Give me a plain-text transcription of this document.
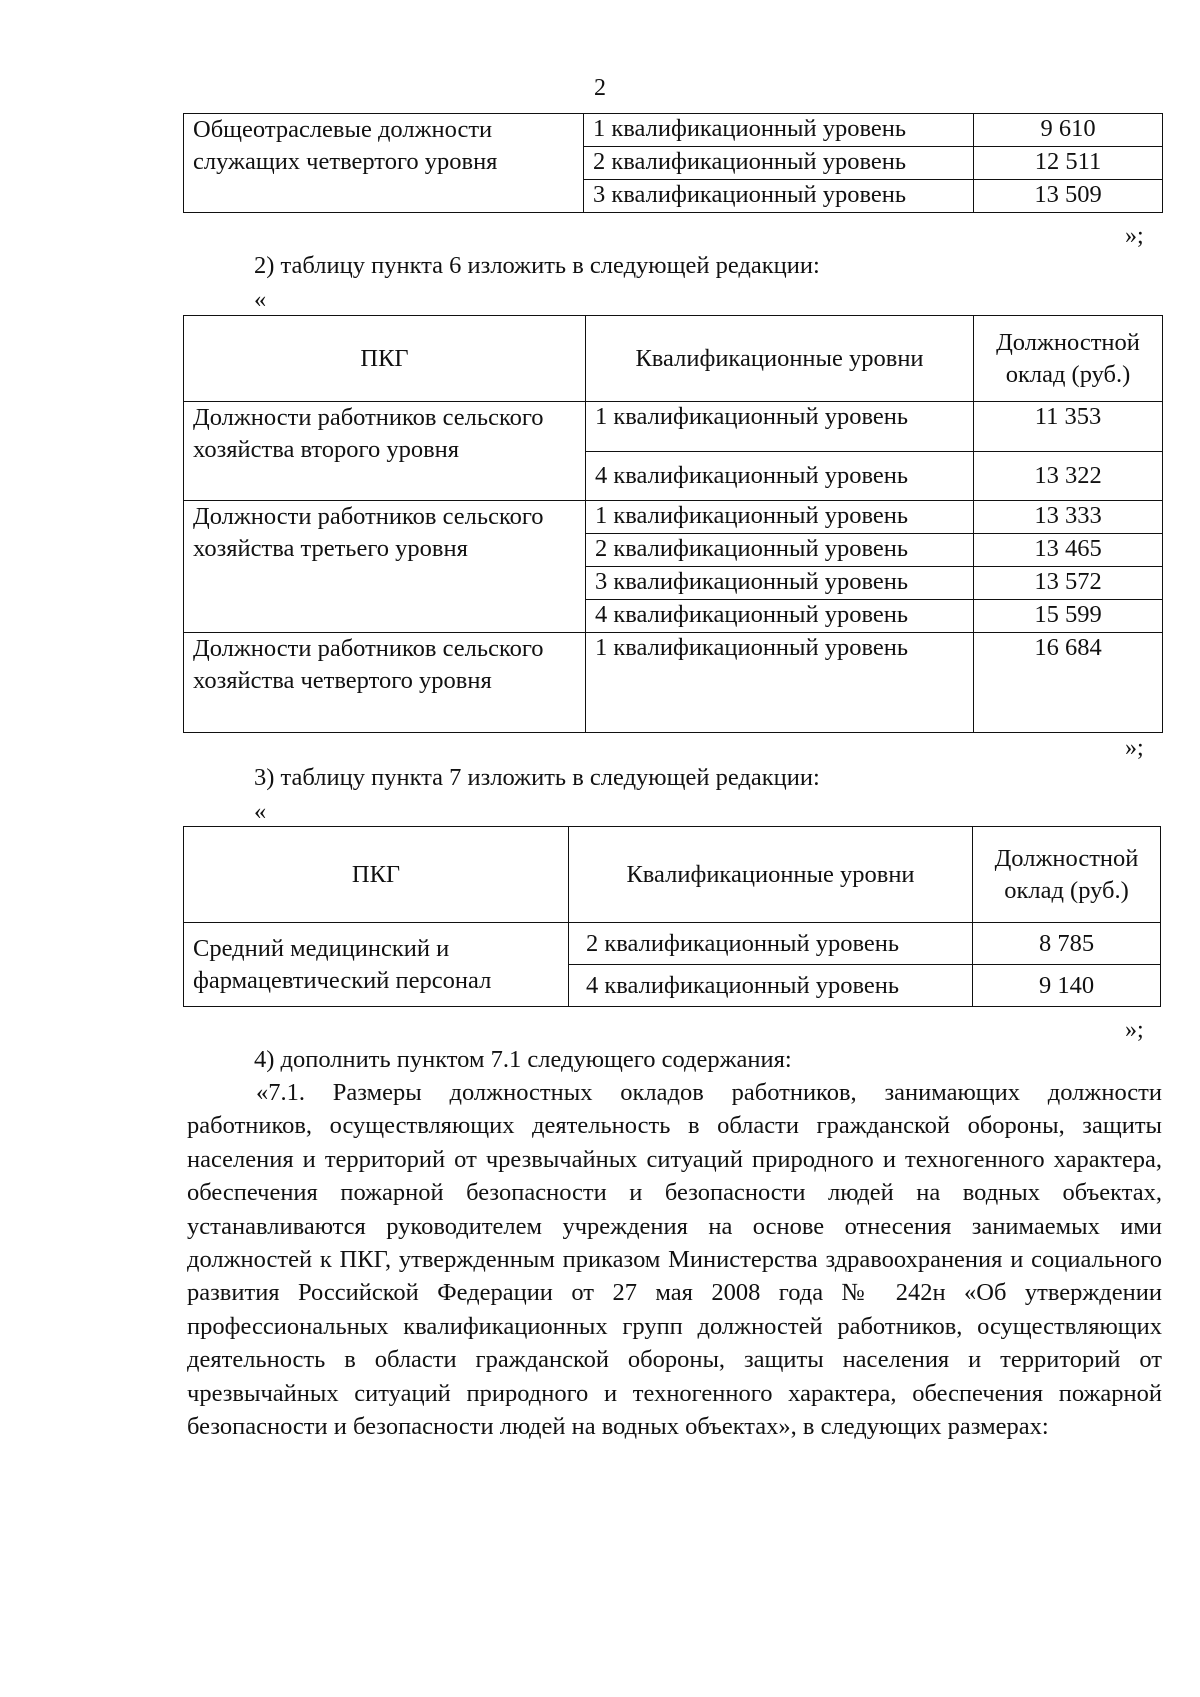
2
Общеотраслевые должности служащих четвертого уровня	1 квалификационный уровень	9 610
	2 квалификационный уровень	12 511
	3 квалификационный уровень	13 509
»;
2) таблицу пункта 6 изложить в следующей редакции:
«
ПКГ	Квалификационные уровни	Должностной оклад (руб.)
Должности работников сельского хозяйства второго уровня	1 квалификационный уровень	11 353
	4 квалификационный уровень	13 322
Должности работников сельского хозяйства третьего уровня	1 квалификационный уровень	13 333
	2 квалификационный уровень	13 465
	3 квалификационный уровень	13 572
	4 квалификационный уровень	15 599
Должности работников сельского хозяйства четвертого уровня	1 квалификационный уровень	16 684
»;
3) таблицу пункта 7 изложить в следующей редакции:
«
ПКГ	Квалификационные уровни	Должностной оклад (руб.)
Средний медицинский и фармацевтический персонал	2 квалификационный уровень	8 785
	4 квалификационный уровень	9 140
»;
4) дополнить пунктом 7.1 следующего содержания:
«7.1. Размеры должностных окладов работников, занимающих должности работников, осуществляющих деятельность в области гражданской обороны, защиты населения и территорий от чрезвычайных ситуаций природного и техногенного характера, обеспечения пожарной безопасности и безопасности людей на водных объектах, устанавливаются руководителем учреждения на основе отнесения занимаемых ими должностей к ПКГ, утвержденным приказом Министерства здравоохранения и социального развития Российской Федерации от 27 мая 2008 года № 242н «Об утверждении профессиональных квалификационных групп должностей работников, осуществляющих деятельность в области гражданской обороны, защиты населения и территорий от чрезвычайных ситуаций природного и техногенного характера, обеспечения пожарной безопасности и безопасности людей на водных объектах», в следующих размерах:
